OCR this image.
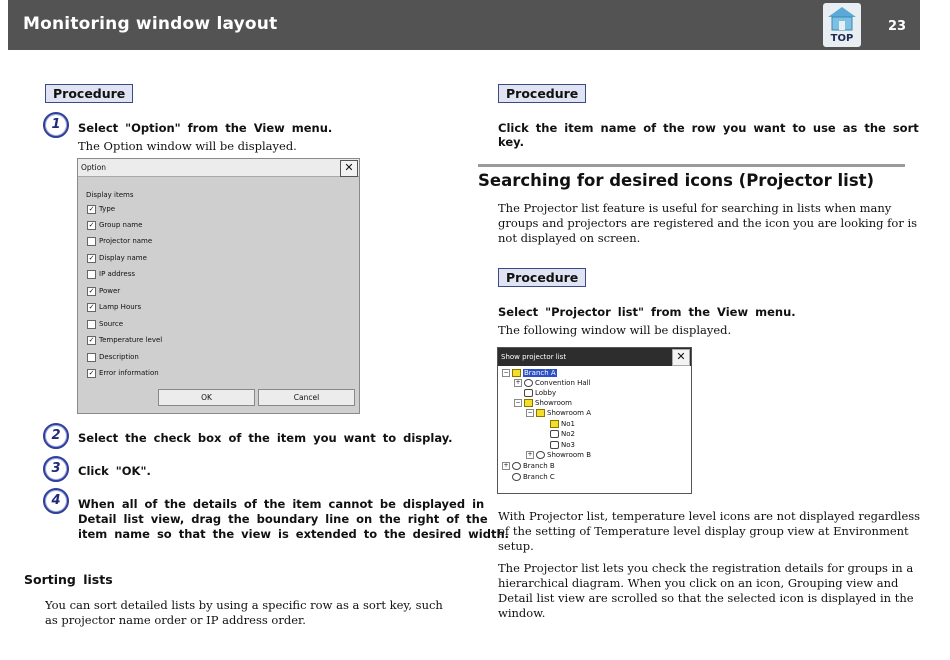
Monitoring window layout
TOP
23
Procedure
1	Select "Option" from the View menu.
The Option window will be displayed.
Option	✕
Display items
✓ Type
✓ Group name
Projector name
✓ Display name
IP address
✓ Power
✓ Lamp Hours
Source
✓ Temperature level
Description
✓ Error information
OK	Cancel
2	Select the check box of the item you want to display.
3	Click "OK".
4	When all of the details of the item cannot be displayed in
Detail list view, drag the boundary line on the right of the
item name so that the view is extended to the desired width.
Sorting lists
You can sort detailed lists by using a specific row as a sort key, such
as projector name order or IP address order.
Procedure
Click the item name of the row you want to use as the sort key.
Searching for desired icons (Projector list)
The Projector list feature is useful for searching in lists when many
groups and projectors are registered and the icon you are looking for is
not displayed on screen.
Procedure
Select "Projector list" from the View menu.
The following window will be displayed.
Show projector list	✕
− Branch A
+ Convention Hall
Lobby
− Showroom
− Showroom A
No1
No2
No3
+ Showroom B
+ Branch B
Branch C
With Projector list, temperature level icons are not displayed regardless
of the setting of Temperature level display group view at Environment
setup.
The Projector list lets you check the registration details for groups in a
hierarchical diagram. When you click on an icon, Grouping view and
Detail list view are scrolled so that the selected icon is displayed in the
window.
